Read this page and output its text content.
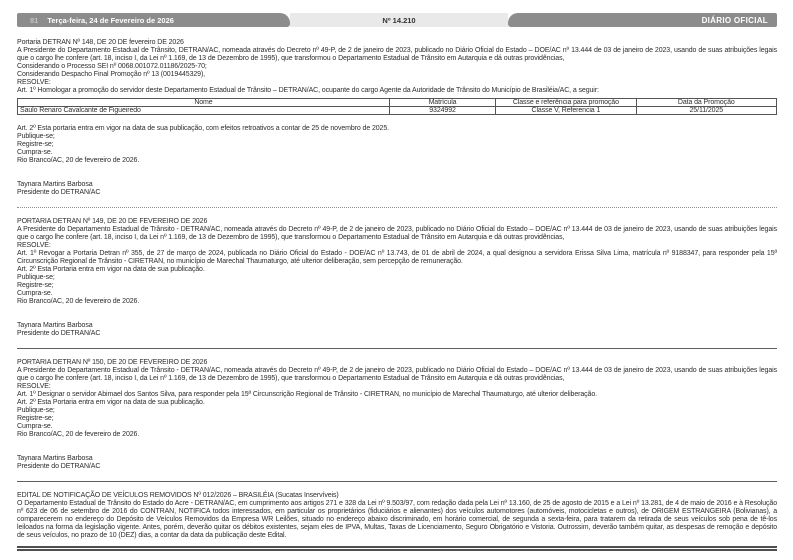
81 Terça-feira, 24 de Fevereiro de 2026	Nº 14.210	DIÁRIO OFICIAL
Portaria DETRAN Nº 148, DE 20 DE fevereiro DE 2026
A Presidente do Departamento Estadual de Trânsito, DETRAN/AC, nomeada através do Decreto nº 49-P, de 2 de janeiro de 2023, publicado no Diário Oficial do Estado – DOE/AC nº 13.444 de 03 de janeiro de 2023, usando de suas atribuições legais que o cargo lhe confere (art. 18, inciso I, da Lei nº 1.169, de 13 de Dezembro de 1995), que transformou o Departamento Estadual de Trânsito em Autarquia e dá outras providências,
Considerando o Processo SEI nº 0068.001072.01186/2025-70;
Considerando Despacho Final Promoção nº 13 (0019445329),
RESOLVE:
Art. 1º Homologar a promoção do servidor deste Departamento Estadual de Trânsito – DETRAN/AC, ocupante do cargo Agente da Autoridade de Trânsito do Município de Brasiléia/AC, a seguir:
Nome	Matrícula	Classe e referência para promoção	Data da Promoção
Saulo Renaro Cavalcante de Figueiredo	9324992	Classe V, Referencia 1	25/11/2025
Art. 2º Esta portaria entra em vigor na data de sua publicação, com efeitos retroativos a contar de 25 de novembro de 2025.
Publique-se;
Registre-se;
Cumpra-se.
Rio Branco/AC, 20 de fevereiro de 2026.
Taynara Martins Barbosa
Presidente do DETRAN/AC
PORTARIA DETRAN Nº 149, DE 20 DE FEVEREIRO DE 2026
A Presidente do Departamento Estadual de Trânsito - DETRAN/AC, nomeada através do Decreto nº 49-P, de 2 de janeiro de 2023, publicado no Diário Oficial do Estado – DOE/AC nº 13.444 de 03 de janeiro de 2023, usando de suas atribuições legais que o cargo lhe confere (art. 18, inciso I, da Lei nº 1.169, de 13 de Dezembro de 1995), que transformou o Departamento Estadual de Trânsito em Autarquia e dá outras providências,
RESOLVE:
Art. 1º Revogar a Portaria Detran nº 355, de 27 de março de 2024, publicada no Diário Oficial do Estado - DOE/AC nº 13.743, de 01 de abril de 2024, a qual designou a servidora Erissa Silva Lima, matrícula nº 9188347, para responder pela 15ª Circunscrição Regional de Trânsito - CIRETRAN, no município de Marechal Thaumaturgo, até ulterior deliberação, sem percepção de remuneração.
Art. 2º Esta Portaria entra em vigor na data de sua publicação.
Publique-se;
Registre-se;
Cumpra-se.
Rio Branco/AC, 20 de fevereiro de 2026.
Taynara Martins Barbosa
Presidente do DETRAN/AC
PORTARIA DETRAN Nº 150, DE 20 DE FEVEREIRO DE 2026
A Presidente do Departamento Estadual de Trânsito - DETRAN/AC, nomeada através do Decreto nº 49-P, de 2 de janeiro de 2023, publicado no Diário Oficial do Estado – DOE/AC nº 13.444 de 03 de janeiro de 2023, usando de suas atribuições legais que o cargo lhe confere (art. 18, inciso I, da Lei nº 1.169, de 13 de Dezembro de 1995), que transformou o Departamento Estadual de Trânsito em Autarquia e dá outras providências,
RESOLVE:
Art. 1º Designar o servidor Abimael dos Santos Silva, para responder pela 15ª Circunscrição Regional de Trânsito - CIRETRAN, no município de Marechal Thaumaturgo, até ulterior deliberação.
Art. 2º Esta Portaria entra em vigor na data de sua publicação.
Publique-se;
Registre-se;
Cumpra-se.
Rio Branco/AC, 20 de fevereiro de 2026.
Taynara Martins Barbosa
Presidente do DETRAN/AC
EDITAL DE NOTIFICAÇÃO DE VEÍCULOS REMOVIDOS Nº 012/2026 – BRASILÉIA (Sucatas Inservíveis)
O Departamento Estadual de Trânsito do Estado do Acre - DETRAN/AC, em cumprimento aos artigos 271 e 328 da Lei nº 9.503/97, com redação dada pela Lei nº 13.160, de 25 de agosto de 2015 e a Lei nº 13.281, de 4 de maio de 2016 e à Resolução nº 623 de 06 de setembro de 2016 do CONTRAN, NOTIFICA todos interessados, em particular os proprietários (fiduciários e alienantes) dos veículos automotores (automóveis, motocicletas e outros), de ORIGEM ESTRANGEIRA (Bolivianas), a comparecerem no endereço do Depósito de Veículos Removidos da Empresa WR Leilões, situado no endereço abaixo discriminado, em horário comercial, de segunda a sexta-feira, para tratarem da retirada de seus veículos sob pena de tê-los leiloados na forma da legislação vigente. Antes, porém, deverão quitar os débitos existentes, sejam eles de IPVA, Multas, Taxas de Licenciamento, Seguro Obrigatório e Vistoria. Outrossim, deverão também quitar, as despesas de remoção e depósito de seus veículos, no prazo de 10 (DEZ) dias, a contar da data da publicação deste Edital.
